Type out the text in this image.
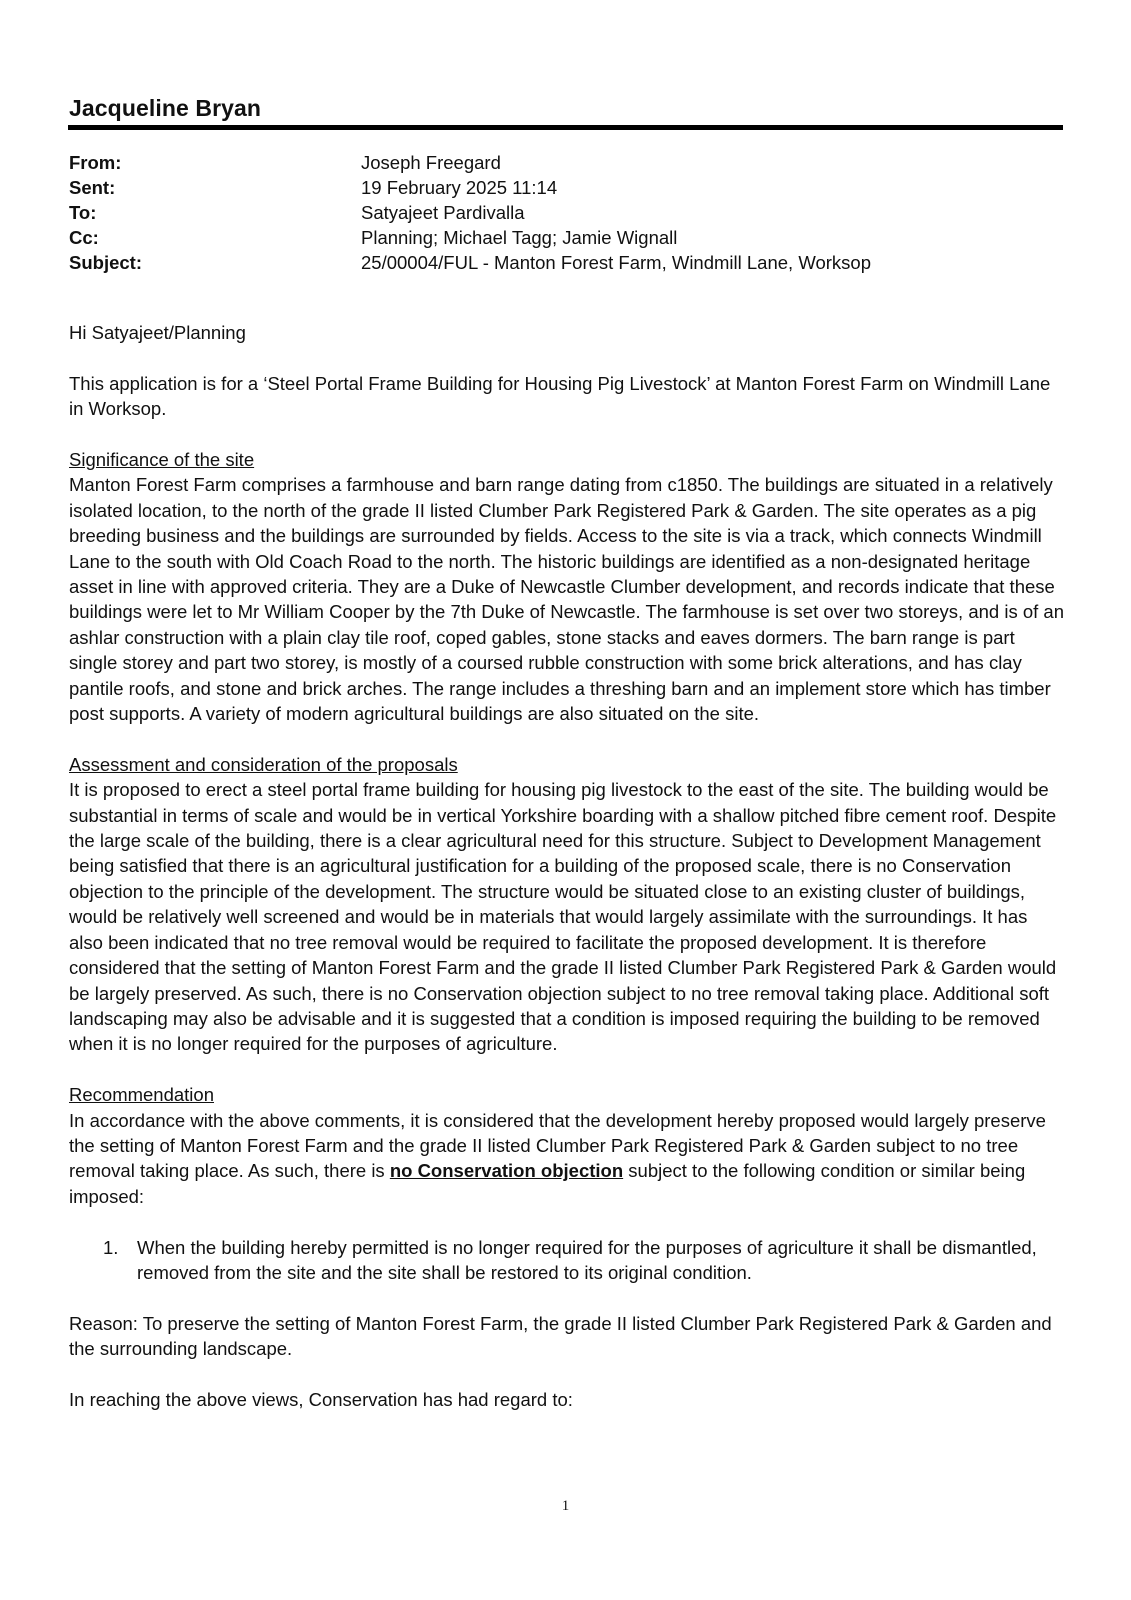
Jacqueline Bryan
From:	Joseph Freegard
Sent:	19 February 2025 11:14
To:	Satyajeet Pardivalla
Cc:	Planning; Michael Tagg; Jamie Wignall
Subject:	25/00004/FUL - Manton Forest Farm, Windmill Lane, Worksop

Hi Satyajeet/Planning

This application is for a ‘Steel Portal Frame Building for Housing Pig Livestock’ at Manton Forest Farm on Windmill Lane in Worksop.

Significance of the site

Manton Forest Farm comprises a farmhouse and barn range dating from c1850. The buildings are situated in a relatively isolated location, to the north of the grade II listed Clumber Park Registered Park & Garden. The site operates as a pig breeding business and the buildings are surrounded by fields. Access to the site is via a track, which connects Windmill Lane to the south with Old Coach Road to the north. The historic buildings are identified as a non-designated heritage asset in line with approved criteria. They are a Duke of Newcastle Clumber development, and records indicate that these buildings were let to Mr William Cooper by the 7th Duke of Newcastle. The farmhouse is set over two storeys, and is of an ashlar construction with a plain clay tile roof, coped gables, stone stacks and eaves dormers. The barn range is part single storey and part two storey, is mostly of a coursed rubble construction with some brick alterations, and has clay pantile roofs, and stone and brick arches. The range includes a threshing barn and an implement store which has timber post supports. A variety of modern agricultural buildings are also situated on the site.

Assessment and consideration of the proposals

It is proposed to erect a steel portal frame building for housing pig livestock to the east of the site. The building would be substantial in terms of scale and would be in vertical Yorkshire boarding with a shallow pitched fibre cement roof. Despite the large scale of the building, there is a clear agricultural need for this structure. Subject to Development Management being satisfied that there is an agricultural justification for a building of the proposed scale, there is no Conservation objection to the principle of the development. The structure would be situated close to an existing cluster of buildings, would be relatively well screened and would be in materials that would largely assimilate with the surroundings. It has also been indicated that no tree removal would be required to facilitate the proposed development. It is therefore considered that the setting of Manton Forest Farm and the grade II listed Clumber Park Registered Park & Garden would be largely preserved. As such, there is no Conservation objection subject to no tree removal taking place. Additional soft landscaping may also be advisable and it is suggested that a condition is imposed requiring the building to be removed when it is no longer required for the purposes of agriculture.

Recommendation

In accordance with the above comments, it is considered that the development hereby proposed would largely preserve the setting of Manton Forest Farm and the grade II listed Clumber Park Registered Park & Garden subject to no tree removal taking place. As such, there is no Conservation objection subject to the following condition or similar being imposed:

1.	When the building hereby permitted is no longer required for the purposes of agriculture it shall be dismantled, removed from the site and the site shall be restored to its original condition.

Reason: To preserve the setting of Manton Forest Farm, the grade II listed Clumber Park Registered Park & Garden and the surrounding landscape.

In reaching the above views, Conservation has had regard to:

1
